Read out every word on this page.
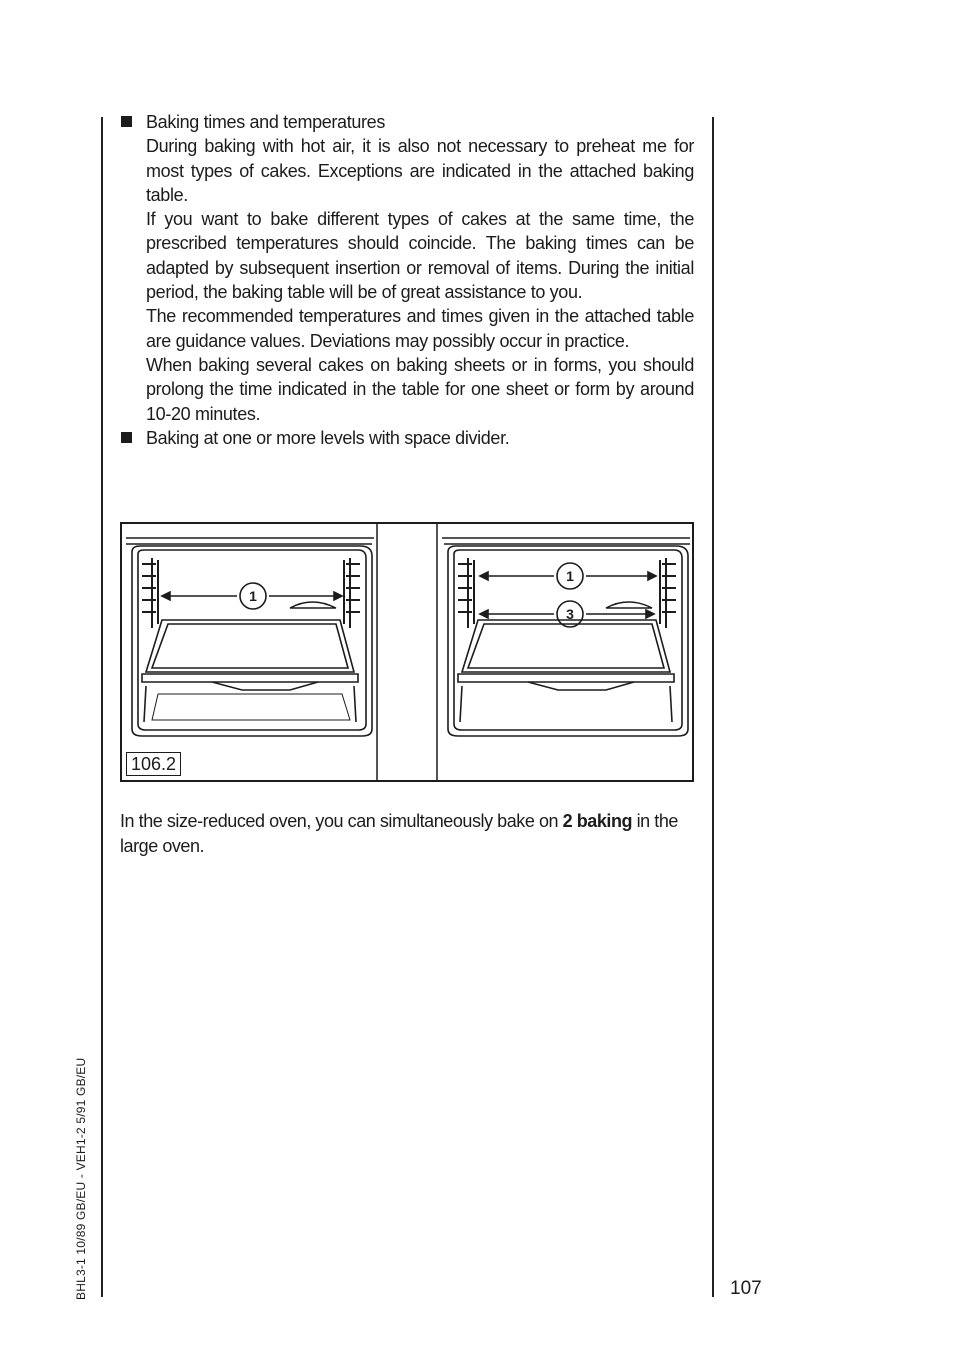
Baking times and temperatures
During baking with hot air, it is also not necessary to preheat me for most types of cakes. Exceptions are indicated in the attached baking table.
If you want to bake different types of cakes at the same time, the prescribed temperatures should coincide. The baking times can be adapted by subsequent insertion or removal of items. During the initial period, the baking table will be of great assistance to you.
The recommended temperatures and times given in the attached table are guidance values. Deviations may possibly occur in practice.
When baking several cakes on baking sheets or in forms, you should prolong the time indicated in the table for one sheet or form by around 10-20 minutes.
Baking at one or more levels with space divider.
1
1
3
106.2
In the size-reduced oven, you can simultaneously bake on 2 baking in the large oven.
BHL3-1 10/89 GB/EU - VEH1-2 5/91 GB/EU	107
